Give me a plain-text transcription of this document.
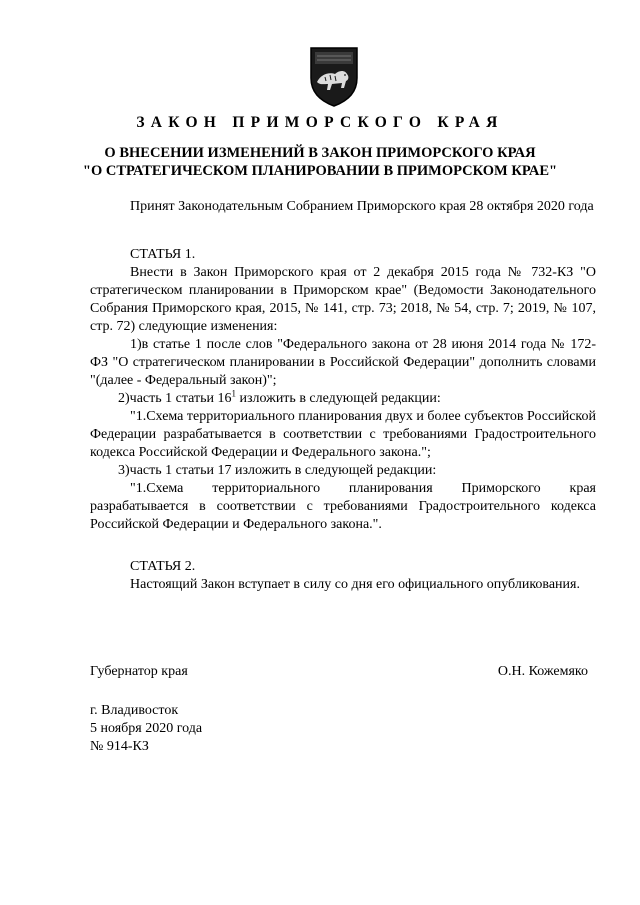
ЗАКОН ПРИМОРСКОГО КРАЯ
О ВНЕСЕНИИ ИЗМЕНЕНИЙ В ЗАКОН ПРИМОРСКОГО КРАЯ
"О СТРАТЕГИЧЕСКОМ ПЛАНИРОВАНИИ В ПРИМОРСКОМ КРАЕ"

Принят Законодательным Собранием Приморского края 28 октября 2020 года

СТАТЬЯ 1.

Внести в Закон Приморского края от 2 декабря 2015 года № 732-КЗ "О стратегическом планировании в Приморском крае" (Ведомости Законодательного Собрания Приморского края, 2015, № 141, стр. 73; 2018, № 54, стр. 7; 2019, № 107, стр. 72) следующие изменения:

1)в статье 1 после слов "Федерального закона от 28 июня 2014 года № 172-ФЗ "О стратегическом планировании в Российской Федерации" дополнить словами "(далее - Федеральный закон)";

2)часть 1 статьи $16^1$ изложить в следующей редакции:

"1.Схема территориального планирования двух и более субъектов Российской Федерации разрабатывается в соответствии с требованиями Градостроительного кодекса Российской Федерации и Федерального закона.";

3)часть 1 статьи 17 изложить в следующей редакции:

"1.Схема территориального планирования Приморского края разрабатывается в соответствии с требованиями Градостроительного кодекса Российской Федерации и Федерального закона.".

СТАТЬЯ 2.

Настоящий Закон вступает в силу со дня его официального опубликования.

Губернатор края	О.Н. Кожемяко
г. Владивосток
5 ноября 2020 года
№ 914-КЗ
